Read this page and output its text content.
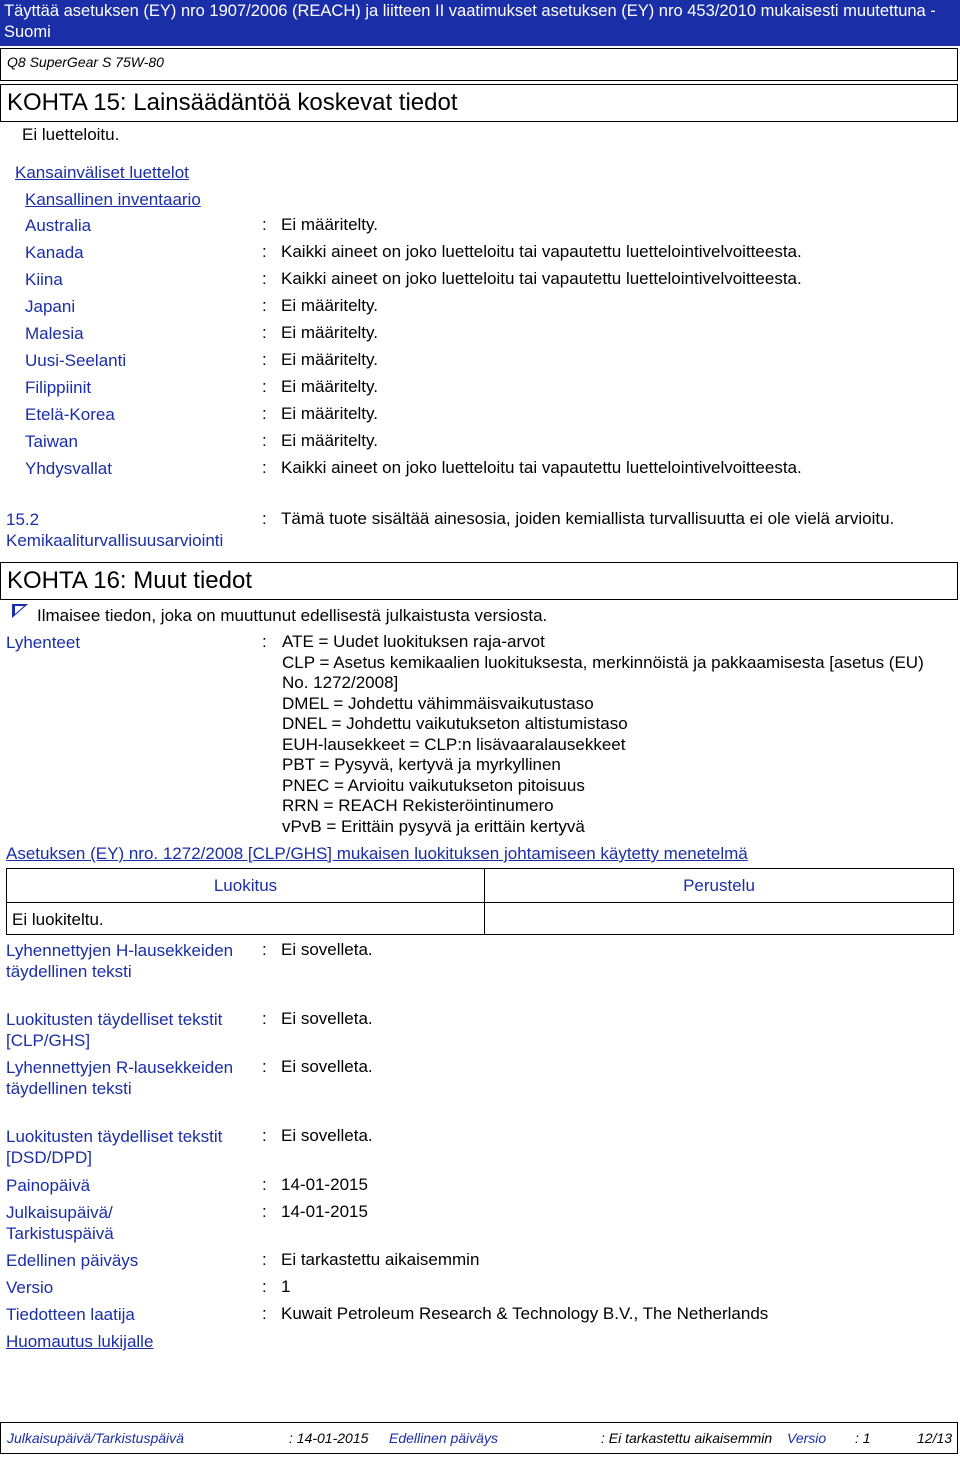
Täyttää asetuksen (EY) nro 1907/2006 (REACH) ja liitteen II vaatimukset asetuksen (EY) nro 453/2010 mukaisesti muutettuna - Suomi
Q8 SuperGear S 75W-80
KOHTA 15: Lainsäädäntöä koskevat tiedot
Ei luetteloitu.
Kansainväliset luettelot
Kansallinen inventaario
Australia	: Ei määritelty.
Kanada	: Kaikki aineet on joko luetteloitu tai vapautettu luettelointivelvoitteesta.
Kiina	: Kaikki aineet on joko luetteloitu tai vapautettu luettelointivelvoitteesta.
Japani	: Ei määritelty.
Malesia	: Ei määritelty.
Uusi-Seelanti	: Ei määritelty.
Filippiinit	: Ei määritelty.
Etelä-Korea	: Ei määritelty.
Taiwan	: Ei määritelty.
Yhdysvallat	: Kaikki aineet on joko luetteloitu tai vapautettu luettelointivelvoitteesta.
15.2
Kemikaaliturvallisuusarviointi
: Tämä tuote sisältää ainesosia, joiden kemiallista turvallisuutta ei ole vielä arvioitu.
KOHTA 16: Muut tiedot
Ilmaisee tiedon, joka on muuttunut edellisestä julkaistusta versiosta.
Lyhenteet	: ATE = Uudet luokituksen raja-arvot
CLP = Asetus kemikaalien luokituksesta, merkinnöistä ja pakkaamisesta [asetus (EU) No. 1272/2008]
DMEL = Johdettu vähimmäisvaikutustaso
DNEL = Johdettu vaikutukseton altistumistaso
EUH-lausekkeet = CLP:n lisävaaralausekkeet
PBT = Pysyvä, kertyvä ja myrkyllinen
PNEC = Arvioitu vaikutukseton pitoisuus
RRN = REACH Rekisteröintinumero
vPvB = Erittäin pysyvä ja erittäin kertyvä
Asetuksen (EY) nro. 1272/2008 [CLP/GHS] mukaisen luokituksen johtamiseen käytetty menetelmä
Luokitus	Perustelu
Ei luokiteltu.
Lyhennettyjen H-lausekkeiden täydellinen teksti
: Ei sovelleta.
Luokitusten täydelliset tekstit [CLP/GHS]
: Ei sovelleta.
Lyhennettyjen R-lausekkeiden täydellinen teksti
: Ei sovelleta.
Luokitusten täydelliset tekstit [DSD/DPD]
: Ei sovelleta.
Painopäivä	: 14-01-2015
Julkaisupäivä/ Tarkistuspäivä
: 14-01-2015
Edellinen päiväys	: Ei tarkastettu aikaisemmin
Versio	: 1
Tiedotteen laatija	: Kuwait Petroleum Research & Technology B.V., The Netherlands
Huomautus lukijalle
Julkaisupäivä/Tarkistuspäivä	: 14-01-2015 Edellinen päiväys	: Ei tarkastettu aikaisemmin Versio : 1	12/13
